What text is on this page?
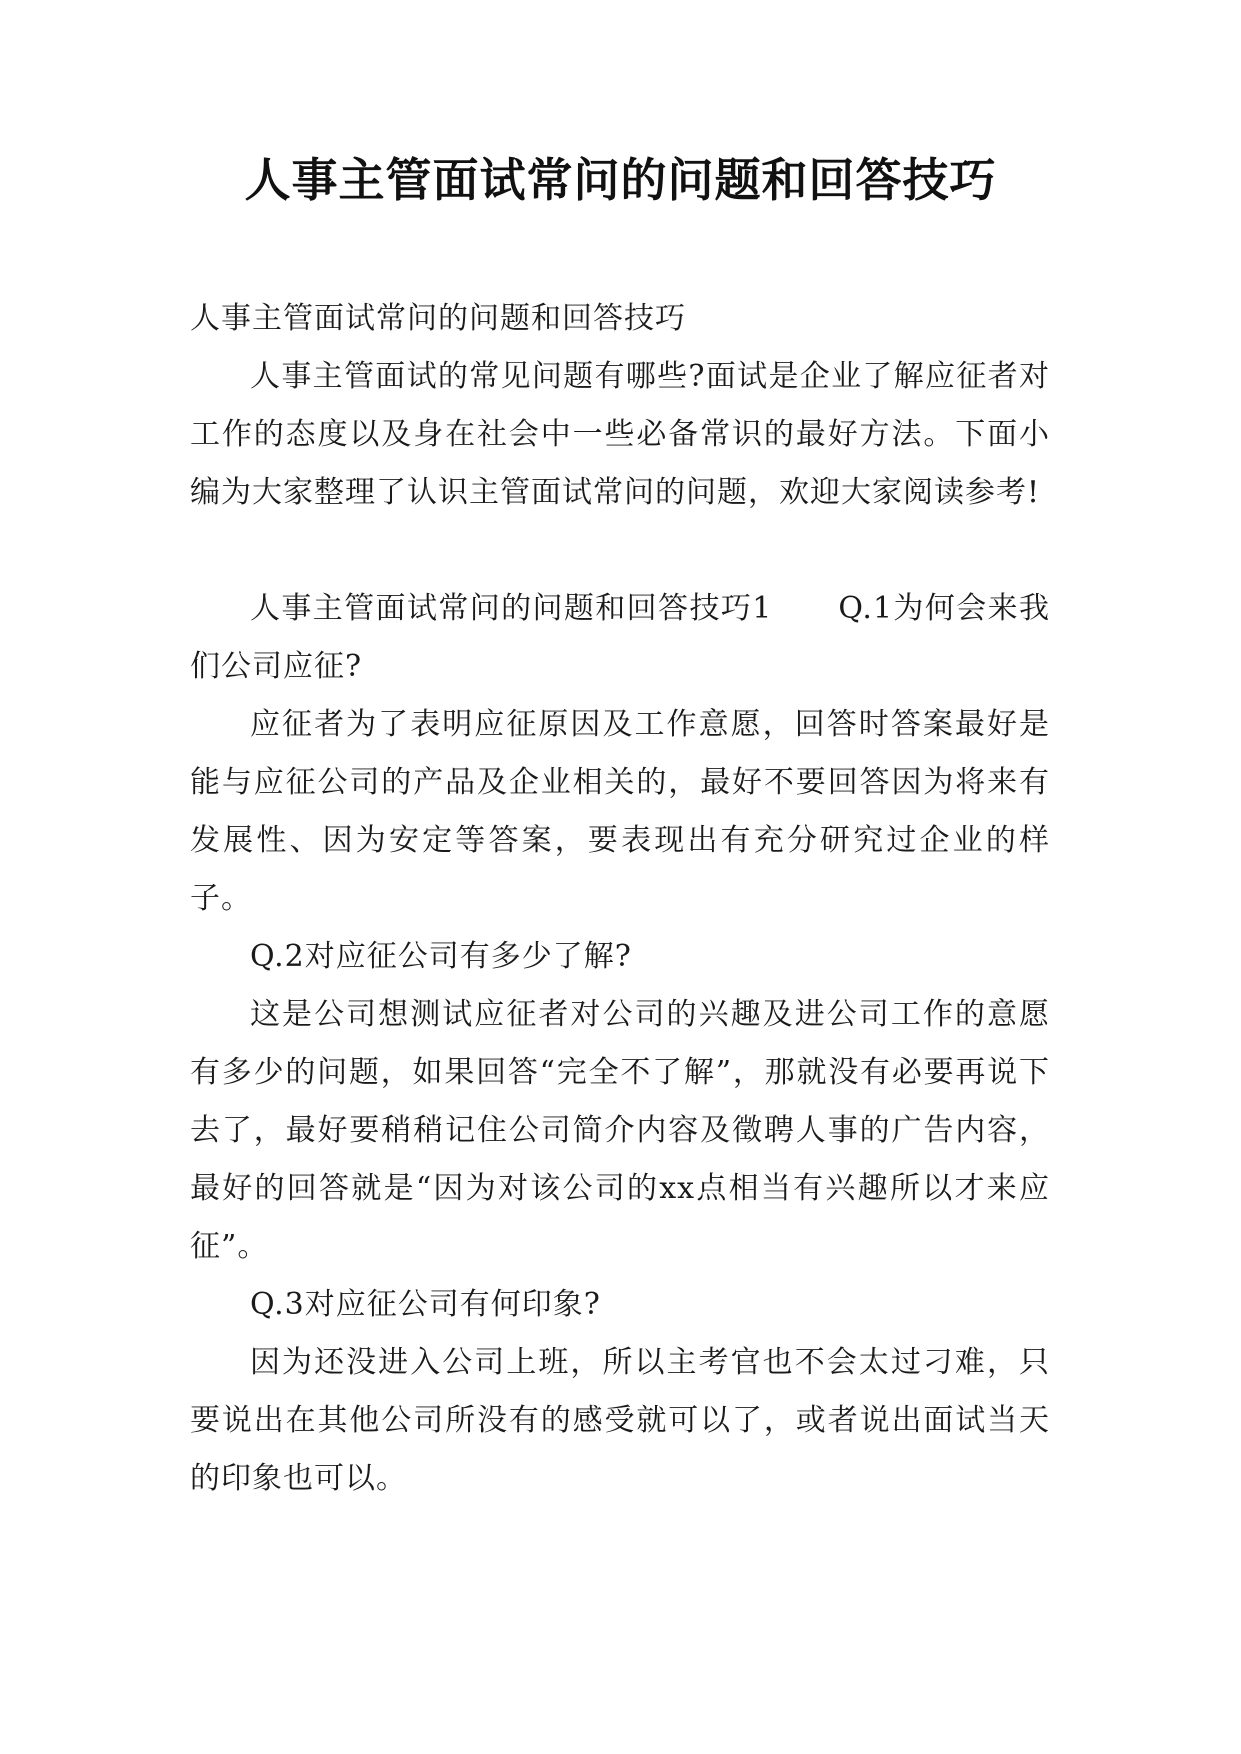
人事主管面试常问的问题和回答技巧

人事主管面试常问的问题和回答技巧

人事主管面试的常见问题有哪些?面试是企业了解应征者对工作的态度以及身在社会中一些必备常识的最好方法。下面小编为大家整理了认识主管面试常问的问题，欢迎大家阅读参考!

人事主管面试常问的问题和回答技巧1 Q.1为何会来我们公司应征?

应征者为了表明应征原因及工作意愿，回答时答案最好是能与应征公司的产品及企业相关的，最好不要回答因为将来有发展性、因为安定等答案，要表现出有充分研究过企业的样子。

Q.2对应征公司有多少了解?

这是公司想测试应征者对公司的兴趣及进公司工作的意愿有多少的问题，如果回答“完全不了解”，那就没有必要再说下去了，最好要稍稍记住公司简介内容及徵聘人事的广告内容，最好的回答就是“因为对该公司的xx点相当有兴趣所以才来应征”。

Q.3对应征公司有何印象?

因为还没进入公司上班，所以主考官也不会太过刁难，只要说出在其他公司所没有的感受就可以了，或者说出面试当天的印象也可以。
